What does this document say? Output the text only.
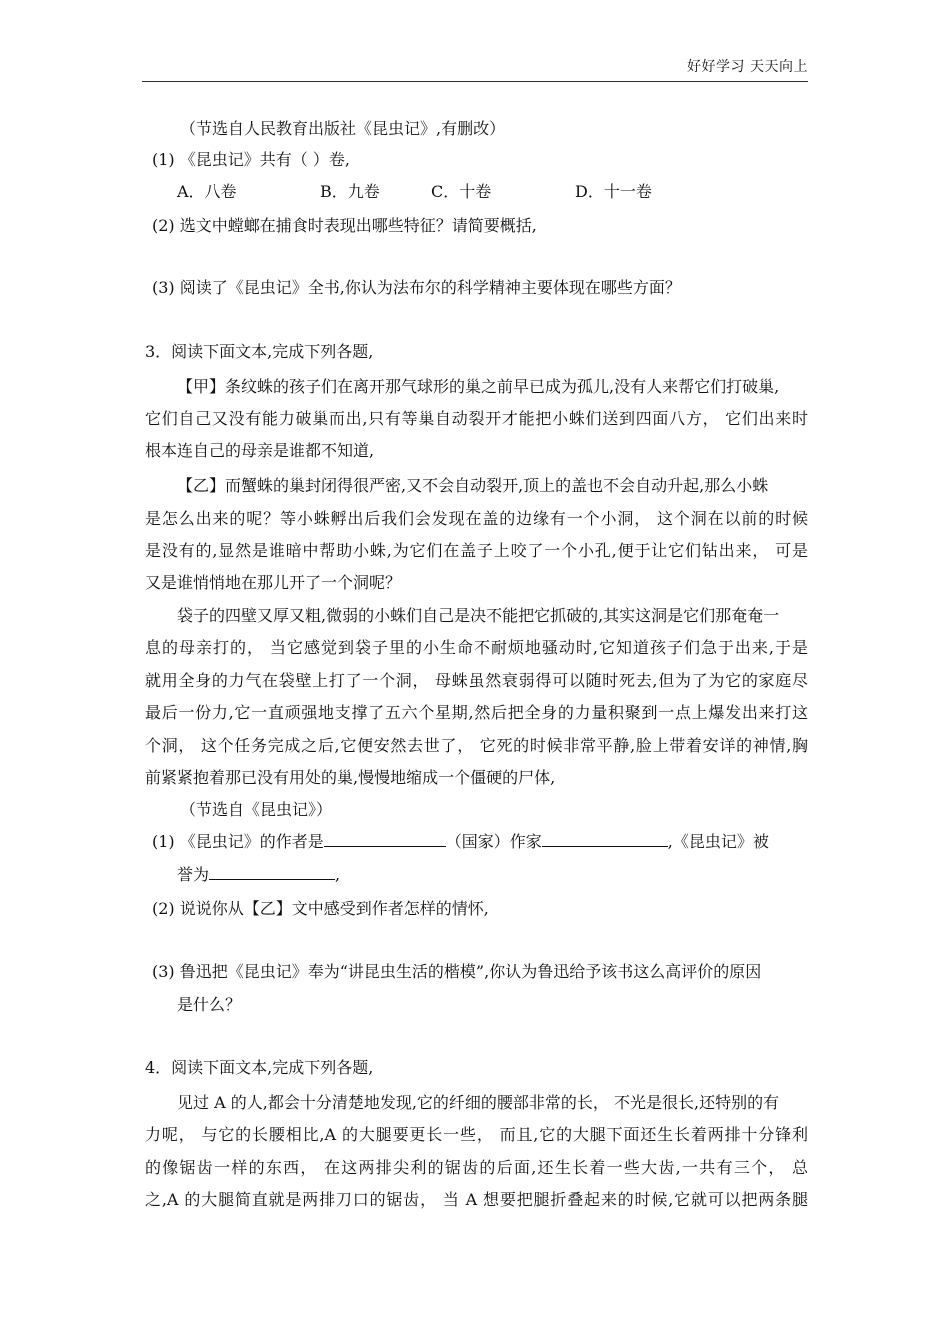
好好学习 天天向上
（节选自人民教育出版社《昆虫记》,有删改）
(1) 《昆虫记》共有（ ）卷,
A．八卷	B．九卷	C．十卷	D．十一卷
(2) 选文中螳螂在捕食时表现出哪些特征？请简要概括,
(3) 阅读了《昆虫记》全书,你认为法布尔的科学精神主要体现在哪些方面？
3．阅读下面文本,完成下列各题,
【甲】条纹蛛的孩子们在离开那气球形的巢之前早已成为孤儿,没有人来帮它们打破巢,
它们自己又没有能力破巢而出,只有等巢自动裂开才能把小蛛们送到四面八方， 它们出来时
根本连自己的母亲是谁都不知道,
【乙】而蟹蛛的巢封闭得很严密,又不会自动裂开,顶上的盖也不会自动升起,那么小蛛
是怎么出来的呢？等小蛛孵出后我们会发现在盖的边缘有一个小洞， 这个洞在以前的时候
是没有的,显然是谁暗中帮助小蛛,为它们在盖子上咬了一个小孔,便于让它们钻出来， 可是
又是谁悄悄地在那儿开了一个洞呢？
袋子的四壁又厚又粗,微弱的小蛛们自己是决不能把它抓破的,其实这洞是它们那奄奄一
息的母亲打的， 当它感觉到袋子里的小生命不耐烦地骚动时,它知道孩子们急于出来,于是
就用全身的力气在袋壁上打了一个洞， 母蛛虽然衰弱得可以随时死去,但为了为它的家庭尽
最后一份力,它一直顽强地支撑了五六个星期,然后把全身的力量积聚到一点上爆发出来打这
个洞， 这个任务完成之后,它便安然去世了， 它死的时候非常平静,脸上带着安详的神情,胸
前紧紧抱着那已没有用处的巢,慢慢地缩成一个僵硬的尸体,
（节选自《昆虫记》）
(1) 《昆虫记》的作者是	（国家）作家	,《昆虫记》被
誉为	,
(2) 说说你从【乙】文中感受到作者怎样的情怀,
(3) 鲁迅把《昆虫记》奉为“讲昆虫生活的楷模”,你认为鲁迅给予该书这么高评价的原因
是什么？
4．阅读下面文本,完成下列各题,
见过 A 的人,都会十分清楚地发现,它的纤细的腰部非常的长， 不光是很长,还特别的有
力呢， 与它的长腰相比,A 的大腿要更长一些， 而且,它的大腿下面还生长着两排十分锋利
的像锯齿一样的东西， 在这两排尖利的锯齿的后面,还生长着一些大齿,一共有三个， 总
之,A 的大腿简直就是两排刀口的锯齿， 当 A 想要把腿折叠起来的时候,它就可以把两条腿
